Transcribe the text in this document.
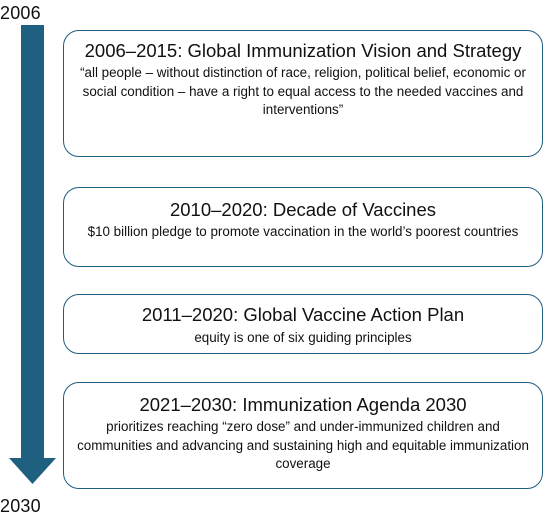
2006
2030
2006–2015: Global Immunization Vision and Strategy
“all people – without distinction of race, religion, political belief, economic or social condition – have a right to equal access to the needed vaccines and interventions”
2010–2020: Decade of Vaccines
$10 billion pledge to promote vaccination in the world’s poorest countries
2011–2020: Global Vaccine Action Plan
equity is one of six guiding principles
2021–2030: Immunization Agenda 2030
prioritizes reaching “zero dose” and under-immunized children and communities and advancing and sustaining high and equitable immunization coverage
